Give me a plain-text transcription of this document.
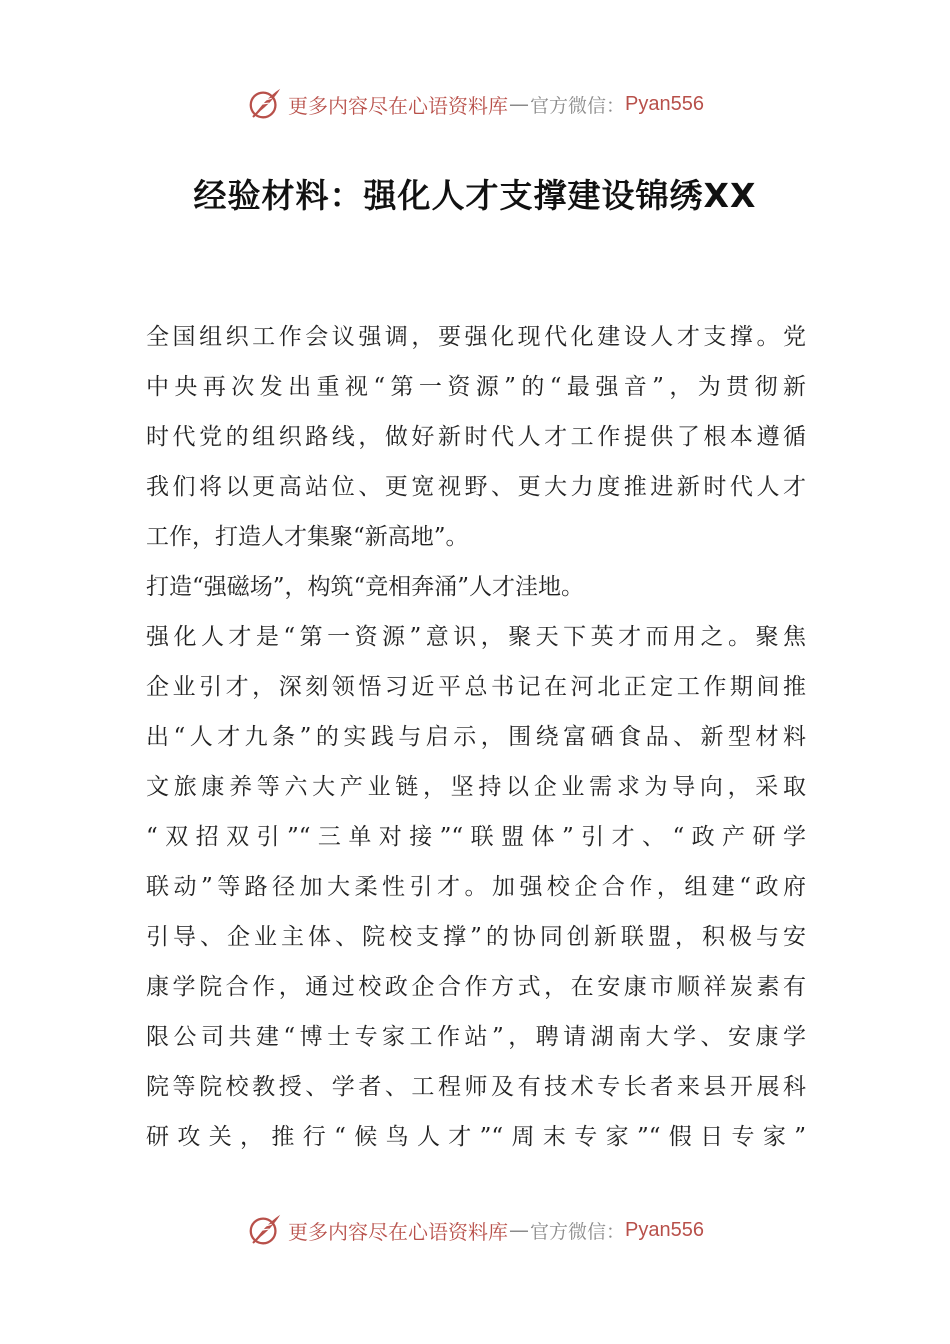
更多内容尽在心语资料库 — 官方微信： Pyan556
经验材料：强化人才支撑建设锦绣XX
全国组织工作会议强调，要强化现代化建设人才支撑。党
中央再次发出重视“第一资源”的“最强音”，为贯彻新
时代党的组织路线，做好新时代人才工作提供了根本遵循
我们将以更高站位、更宽视野、更大力度推进新时代人才
工作，打造人才集聚“新高地”。
打造“强磁场”，构筑“竞相奔涌”人才洼地。
强化人才是“第一资源”意识，聚天下英才而用之。聚焦
企业引才，深刻领悟习近平总书记在河北正定工作期间推
出“人才九条”的实践与启示，围绕富硒食品、新型材料
文旅康养等六大产业链，坚持以企业需求为导向，采取
“双招双引”“三单对接”“联盟体”引才、“政产研学
联动”等路径加大柔性引才。加强校企合作，组建“政府
引导、企业主体、院校支撑”的协同创新联盟，积极与安
康学院合作，通过校政企合作方式，在安康市顺祥炭素有
限公司共建“博士专家工作站”，聘请湖南大学、安康学
院等院校教授、学者、工程师及有技术专长者来县开展科
研攻关，推行“候鸟人才”“周末专家”“假日专家”
更多内容尽在心语资料库 — 官方微信： Pyan556
